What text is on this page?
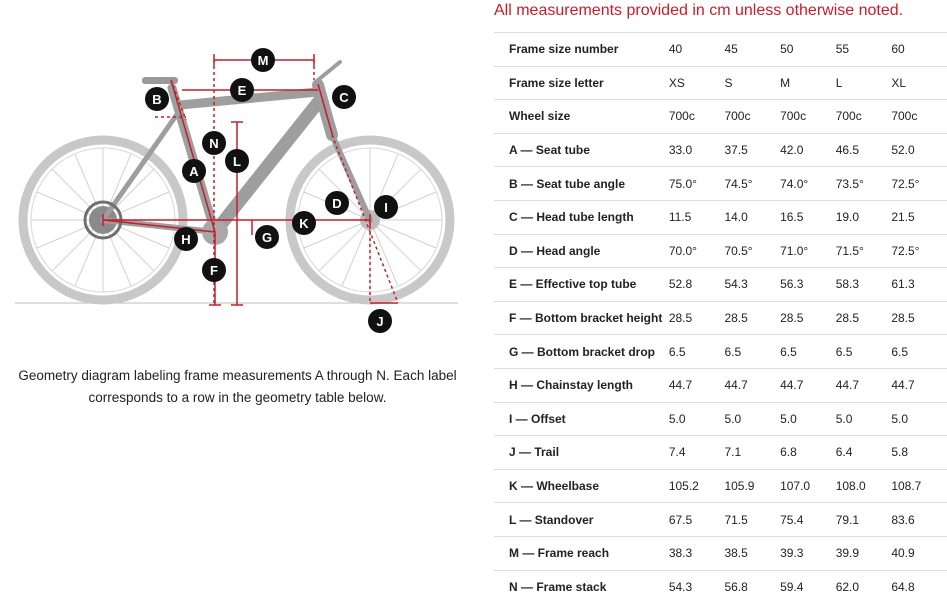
M
E
B	C
N
A
L
D	I
K
H	G
F
J
Geometry diagram labeling frame measurements A through N. Each label corresponds to a row in the geometry table below.
All measurements provided in cm unless otherwise noted.
Frame size number	40	45	50	55	60
Frame size letter	XS	S	M	L	XL
Wheel size	700c	700c	700c	700c	700c
A — Seat tube	33.0	37.5	42.0	46.5	52.0
B — Seat tube angle	75.0°	74.5°	74.0°	73.5°	72.5°
C — Head tube length	11.5	14.0	16.5	19.0	21.5
D — Head angle	70.0°	70.5°	71.0°	71.5°	72.5°
E — Effective top tube	52.8	54.3	56.3	58.3	61.3
F — Bottom bracket height	28.5	28.5	28.5	28.5	28.5
G — Bottom bracket drop	6.5	6.5	6.5	6.5	6.5
H — Chainstay length	44.7	44.7	44.7	44.7	44.7
I — Offset	5.0	5.0	5.0	5.0	5.0
J — Trail	7.4	7.1	6.8	6.4	5.8
K — Wheelbase	105.2	105.9	107.0	108.0	108.7
L — Standover	67.5	71.5	75.4	79.1	83.6
M — Frame reach	38.3	38.5	39.3	39.9	40.9
N — Frame stack	54.3	56.8	59.4	62.0	64.8
